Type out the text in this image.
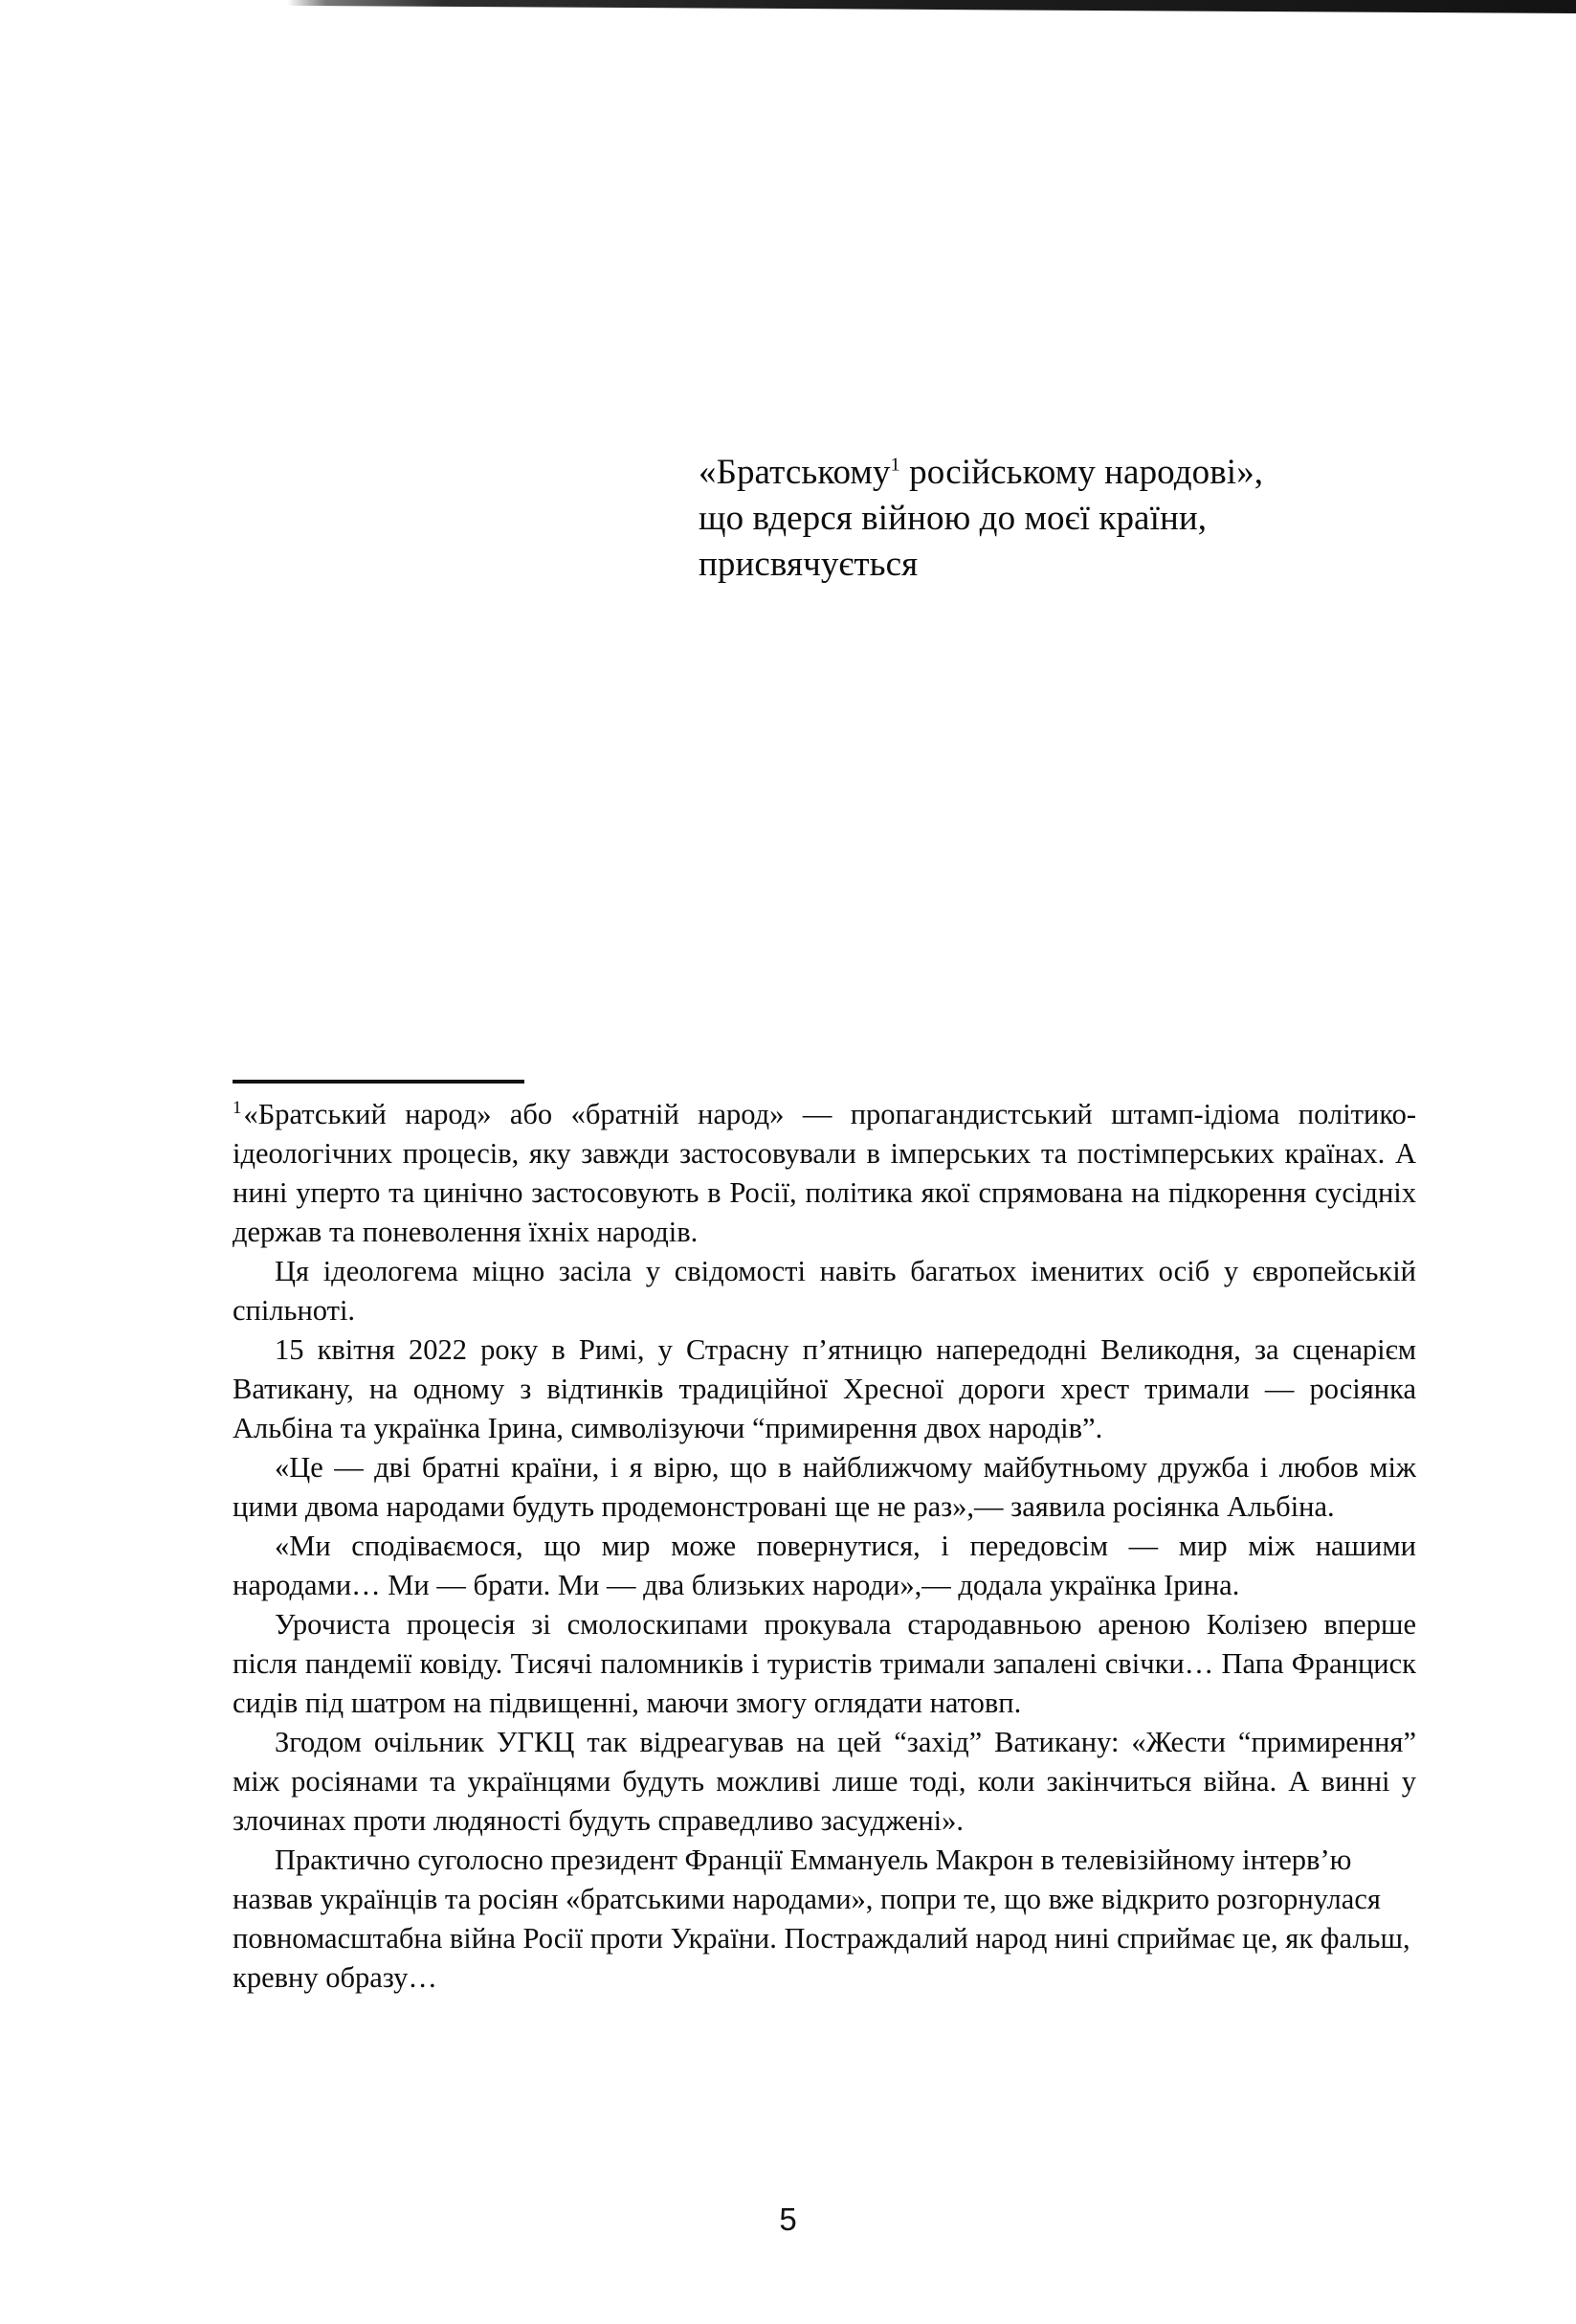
«Братському$^1$ російському народові»,
що вдерся війною до моєї країни,
присвячується

$^1$«Братський народ» або «братній народ» — пропагандистський штамп-ідіома політико-ідеологічних процесів, яку завжди застосовували в імперських та постімперських країнах. А нині уперто та цинічно застосовують в Росії, політика якої спрямована на підкорення сусідніх держав та поневолення їхніх народів.

Ця ідеологема міцно засіла у свідомості навіть багатьох іменитих осіб у європейській спільноті.

15 квітня 2022 року в Римі, у Страсну п’ятницю напередодні Великодня, за сценарієм Ватикану, на одному з відтинків традиційної Хресної дороги хрест тримали — росіянка Альбіна та українка Ірина, символізуючи “примирення двох народів”.

«Це — дві братні країни, і я вірю, що в найближчому майбутньому дружба і любов між цими двома народами будуть продемонстровані ще не раз»,— заявила росіянка Альбіна.

«Ми сподіваємося, що мир може повернутися, і передовсім — мир між нашими народами… Ми — брати. Ми — два близьких народи»,— додала українка Ірина.

Урочиста процесія зі смолоскипами прокувала стародавньою ареною Колізею вперше після пандемії ковіду. Тисячі паломників і туристів тримали запалені свічки… Папа Франциск сидів під шатром на підвищенні, маючи змогу оглядати натовп.

Згодом очільник УГКЦ так відреагував на цей “захід” Ватикану: «Жести “примирення” між росіянами та українцями будуть можливі лише тоді, коли закінчиться війна. А винні у злочинах проти людяності будуть справедливо засуджені».

Практично суголосно президент Франції Еммануель Макрон в телевізійному інтерв’ю назвав українців та росіян «братськими народами», попри те, що вже відкрито розгорнулася повномасштабна війна Росії проти України. Постраждалий народ нині сприймає це, як фальш, кревну образу…

5
